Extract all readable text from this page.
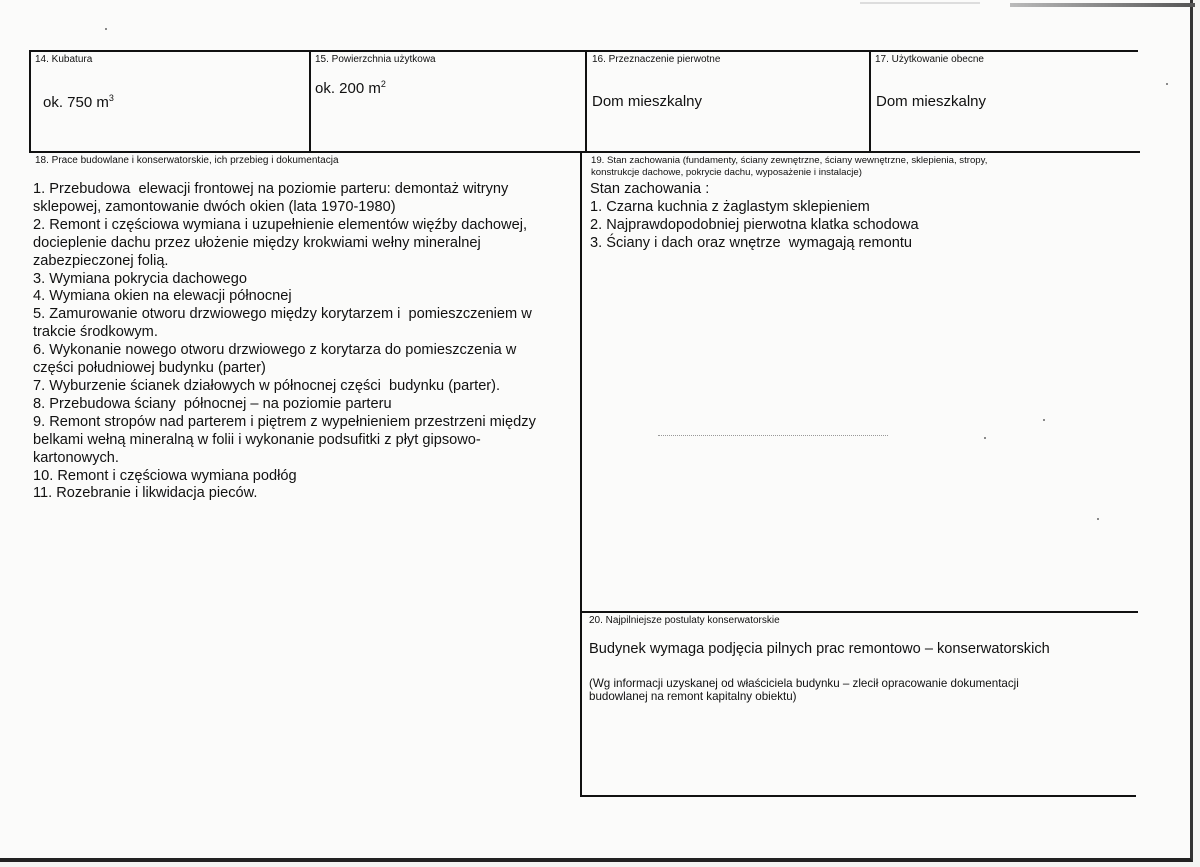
14. Kubatura
ok. 750 $m^3$
15. Powierzchnia użytkowa
ok. 200 $m^2$
16. Przeznaczenie pierwotne
Dom mieszkalny
17. Użytkowanie obecne
Dom mieszkalny
18. Prace budowlane i konserwatorskie, ich przebieg i dokumentacja
1. Przebudowa  elewacji frontowej na poziomie parteru: demontaż witryny
sklepowej, zamontowanie dwóch okien (lata 1970-1980)
2. Remont i częściowa wymiana i uzupełnienie elementów więźby dachowej,
docieplenie dachu przez ułożenie między krokwiami wełny mineralnej
zabezpieczonej folią.
3. Wymiana pokrycia dachowego
4. Wymiana okien na elewacji północnej
5. Zamurowanie otworu drzwiowego między korytarzem i  pomieszczeniem w
trakcie środkowym.
6. Wykonanie nowego otworu drzwiowego z korytarza do pomieszczenia w
części południowej budynku (parter)
7. Wyburzenie ścianek działowych w północnej części  budynku (parter).
8. Przebudowa ściany  północnej – na poziomie parteru
9. Remont stropów nad parterem i piętrem z wypełnieniem przestrzeni między
belkami wełną mineralną w folii i wykonanie podsufitki z płyt gipsowo-
kartonowych.
10. Remont i częściowa wymiana podłóg
11. Rozebranie i likwidacja pieców.
19. Stan zachowania (fundamenty, ściany zewnętrzne, ściany wewnętrzne, sklepienia, stropy,
konstrukcje dachowe, pokrycie dachu, wyposażenie i instalacje)
Stan zachowania :
1. Czarna kuchnia z żaglastym sklepieniem
2. Najprawdopodobniej pierwotna klatka schodowa
3. Ściany i dach oraz wnętrze  wymagają remontu
20. Najpilniejsze postulaty konserwatorskie
Budynek wymaga podjęcia pilnych prac remontowo – konserwatorskich
(Wg informacji uzyskanej od właściciela budynku – zlecił opracowanie dokumentacji
budowlanej na remont kapitalny obiektu)
